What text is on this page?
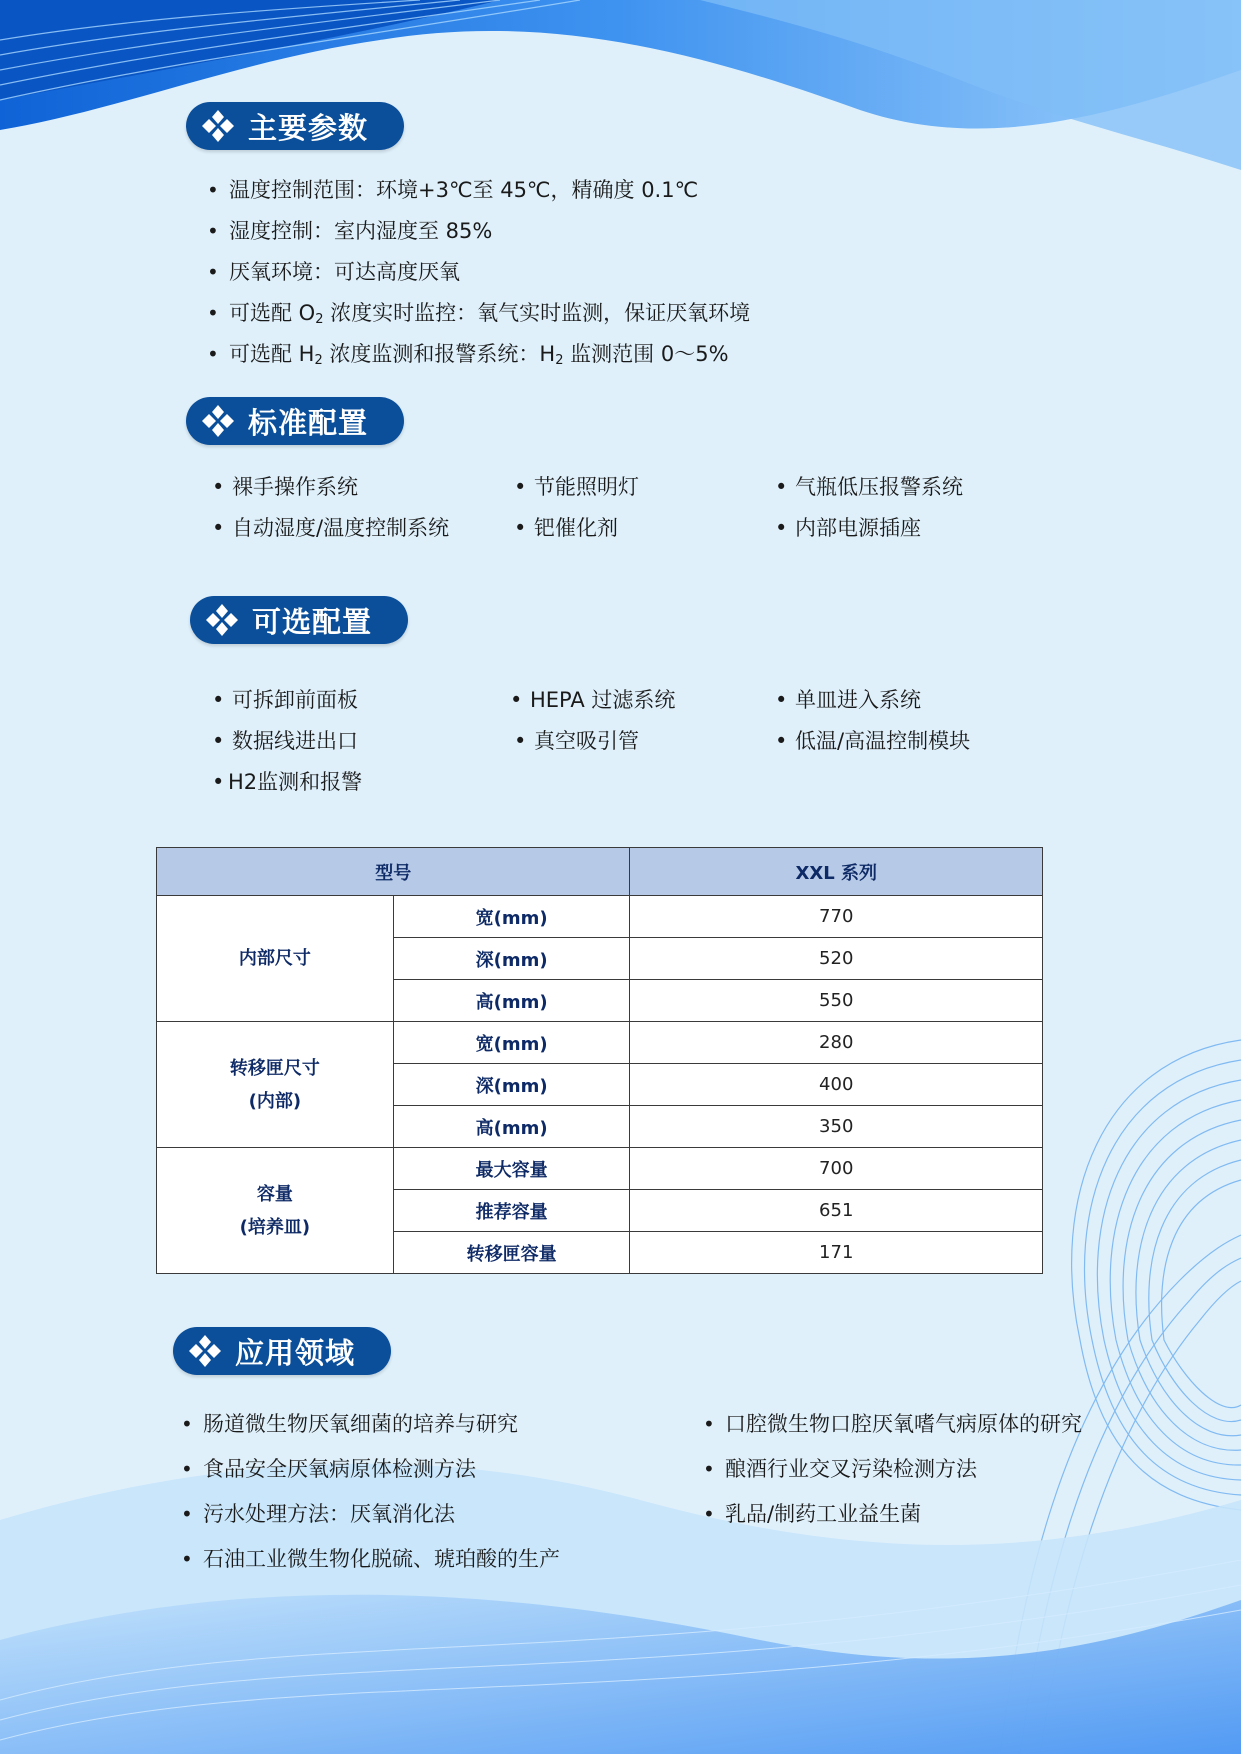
主要参数
• 温度控制范围：环境+3℃至 45℃，精确度 0.1℃
• 湿度控制：室内湿度至 85%
• 厌氧环境：可达高度厌氧
• 可选配 $O_2$ 浓度实时监控：氧气实时监测，保证厌氧环境
• 可选配 $H_2$ 浓度监测和报警系统：$H_2$ 监测范围 0～5%
标准配置
• 裸手操作系统	• 节能照明灯	• 气瓶低压报警系统
• 自动湿度/温度控制系统	• 钯催化剂	• 内部电源插座
可选配置
• 可拆卸前面板	• HEPA 过滤系统	• 单皿进入系统
• 数据线进出口	• 真空吸引管	• 低温/高温控制模块
• H2监测和报警
型号		XXL 系列
内部尺寸	宽(mm)	770
	深(mm)	520
	高(mm)	550

转移匣尺寸
(内部)	宽(mm)	280
	深(mm)	400
	高(mm)	350

容量
(培养皿)	最大容量	700
	推荐容量	651
	转移匣容量	171
应用领域
• 肠道微生物厌氧细菌的培养与研究
• 食品安全厌氧病原体检测方法
• 污水处理方法：厌氧消化法
• 石油工业微生物化脱硫、琥珀酸的生产
• 口腔微生物口腔厌氧嗜气病原体的研究
• 酿酒行业交叉污染检测方法
• 乳品/制药工业益生菌
